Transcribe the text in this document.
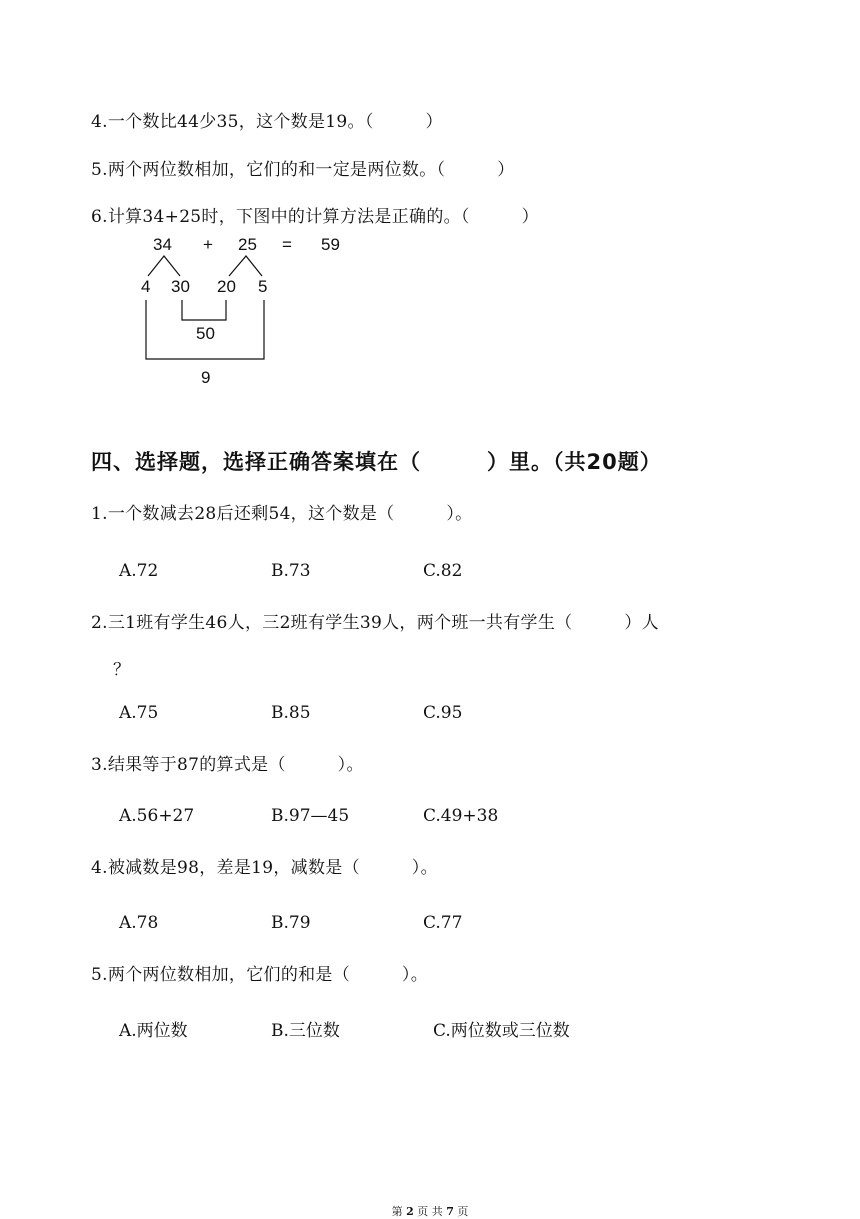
4.一个数比44少35，这个数是19。（　　　）
5.两个两位数相加，它们的和一定是两位数。（　　　）
6.计算34+25时，下图中的计算方法是正确的。（　　　）
34 + 25 = 59
4 30 20 5
50
9
四、选择题，选择正确答案填在（　　　）里。（共20题）
1.一个数减去28后还剩54，这个数是（　　　）。
A.72	B.73	C.82
2.三1班有学生46人，三2班有学生39人，两个班一共有学生（　　　）人
？
A.75	B.85	C.95
3.结果等于87的算式是（　　　）。
A.56+27	B.97—45	C.49+38
4.被减数是98，差是19，减数是（　　　）。
A.78	B.79	C.77
5.两个两位数相加，它们的和是（　　　）。
A.两位数	B.三位数	C.两位数或三位数
第 2 页 共 7 页
